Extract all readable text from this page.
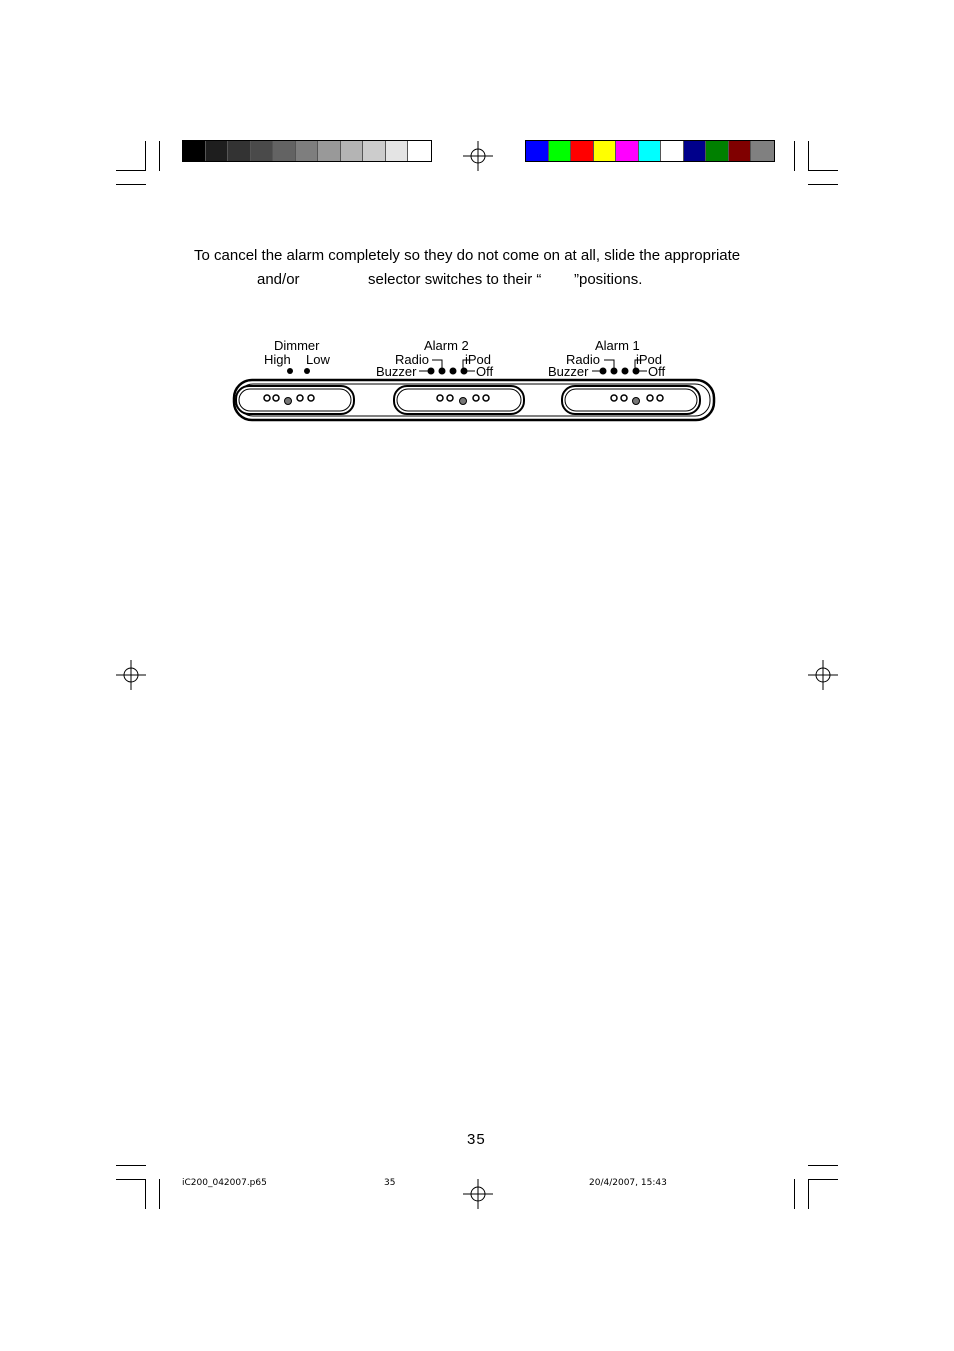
To cancel the alarm completely so they do not come on at all, slide the appropriate
and/or	selector switches to their “ ”positions.
Dimmer
High Low
Alarm 2
Radio	iPod
Buzzer	Off
Alarm 1
Radio	iPod
Buzzer	Off
35
iC200_042007.p65	35	20/4/2007, 15:43
